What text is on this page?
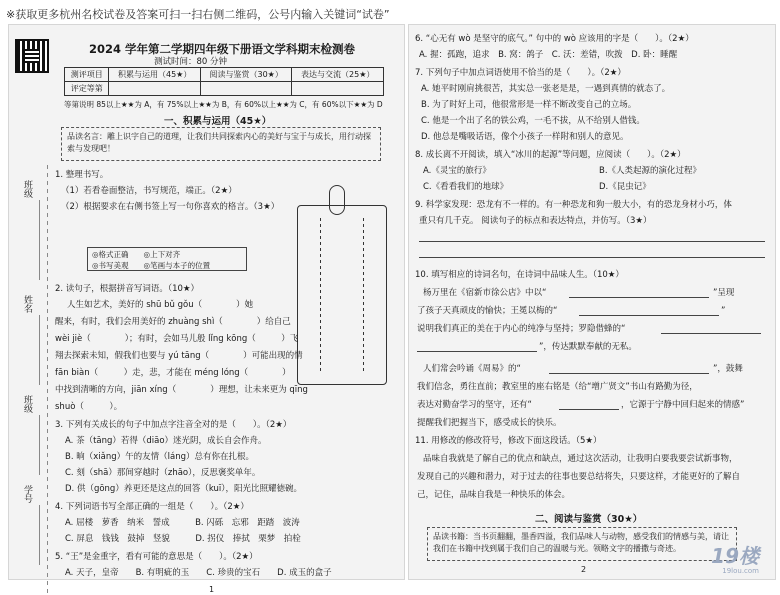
※获取更多杭州名校试卷及答案可扫一扫右侧二维码，公号内输入关键词“试卷”
2024 学年第二学期四年级下册语文学科期末检测卷
测试时间：80 分钟
测评项目	积累与运用（45★）	阅读与鉴赏（30★）	表达与交流（25★）
评定等第			
等第说明 85以上★★为 A，有 75%以上★★为 B，有 60%以上★★为 C，有 60%以下★★为 D
一、积累与运用（45★）
品读名言：雕上识字自己的道理，让我们共同探索内心的美好与宝于与成长，用行动探索与发现吧！
班级
姓名
班级
学号
1. 整理书写。
（1）若看卷面整洁，书写规范，端正。（2★）
（2）根据要求在右侧书签上写一句你喜欢的格言。（3★）
◎格式正确　　◎上下对齐
◎书写美观　　◎笔画与本子的位置
2. 读句子，根据拼音写词语。（10★）
人生如艺术，美好的 shū bǔ gǒu（　　　　）她
醒来，有时，我们会用美好的 zhuàng shì（　　　　）给自己
wèi jiè（　　　　）；有时，会如马儿般 lǐng kōng（　　　）飞
翔去探索未知，假我们也要与 yú tāng（　　　　）可能出现的情
fān biàn（　　　）走，悲，才能在 méng lóng（　　　　）
中找到清晰的方向，jiān xíng（　　　　）理想，让未来更为 qīng
shuò（　　　）。
3. 下列有关成长的句子中加点字注音全对的是（　　）。（2★）
A. 茶（tāng）若得（diāo）迷光阴，成长自会作舟。
B. 晌（xiǎng）午的友情（láng）总有你在扎根。
C. 刻（shā）那间穿越时（zhāo），反思褒奖单年。
D. 供（gōng）养更还是这点的回答（kuī），阳光比照耀徳碗。
4. 下列词语书写全部正确的一组是（　　）。（2★）
A. 屈楼　萝香　纳米　誓成　　　B. 闪砾　忘邪　距踏　波涛
C. 屏息　钱钱　鼓掉　竖貌　　　D. 拐仪　捧拭　栗梦　拍栓
5. “王”是金重字，看有可能的意思是（　　）。（2★）
A. 天子，皇帝　　B. 有明疵的玉　　C. 珍贵的宝石　　D. 成玉的盒子
1
6. “心无有 wò 是坚守的底气。” 句中的 wò 应该用的字是（　　）。（2★）
A. 握：孤跑，追求　B. 窝：鸽子　C. 沃：差错，吹拨　D. 卧：睡醒
7. 下列句子中加点词语使用不恰当的是（　　）。（2★）
A. 她平时刚肩挑很苦，其实总一张老是是，一遇到真情的就态了。
B. 为了时好上司，他很常形是一样不断改变自己的立场。
C. 他是一个出了名的铁公鸡，一毛不拔，从不给别人借钱。
D. 他总是嘴吸话语，像个小孩子一样附和别人的意见。
8. 成长离不开阅读，填入“冰川的起源”等问题，应阅读（　　）。（2★）
A.《灵宝的旅行》	B.《人类起源的演化过程》
C.《看看我们的地球》	D.《昆虫记》
9. 科学家发现：恐龙有不一样的。有一种恐龙和狗一般大小，有的恐龙身材小巧，体
重只有几千克。 阅读句子的标点和表达特点，并仿写。（3★）
10. 填写相应的诗词名句，在诗词中品味人生。（10★）
杨万里在《宿新市徐公店》中以“	”呈现
了孩子天真顽皮的愉快；王冕以梅的“	”
说明我们真正的美在于内心的纯净与坚持；罗隐借蜂的“
”，传达默默奉献的无私。
人们常会吟诵《周易》的“	”，鼓舞
我们信念，勇往直前；教室里的座右铭是（给“增广贤文”书山有路勤为径，
表达对勤奋学习的坚守，还有“	，它源于宁静中回归起来的情感”
提醒我们把握当下，感受成长的快乐。
11. 用修改的修改符号，修改下面这段话。（5★）
品味自我就是了解自己的优点和缺点，通过这次活动，让我明白要我要尝试新事物，
发现自己的兴趣和潜力，对于过去的往事也要总结将失，只要这样，才能更好的了解自
己，记住，品味自我是一种快乐的体会。
二、阅读与鉴赏（30★）
品读书籍：当书页翻翻，墨香四溢，我们品味人与动物，感受我们的情感与美，请让我们在书籍中找到属于我们自己的温暖与光。领略文字的播撒与奇迹。
2
19楼
19lou.com
